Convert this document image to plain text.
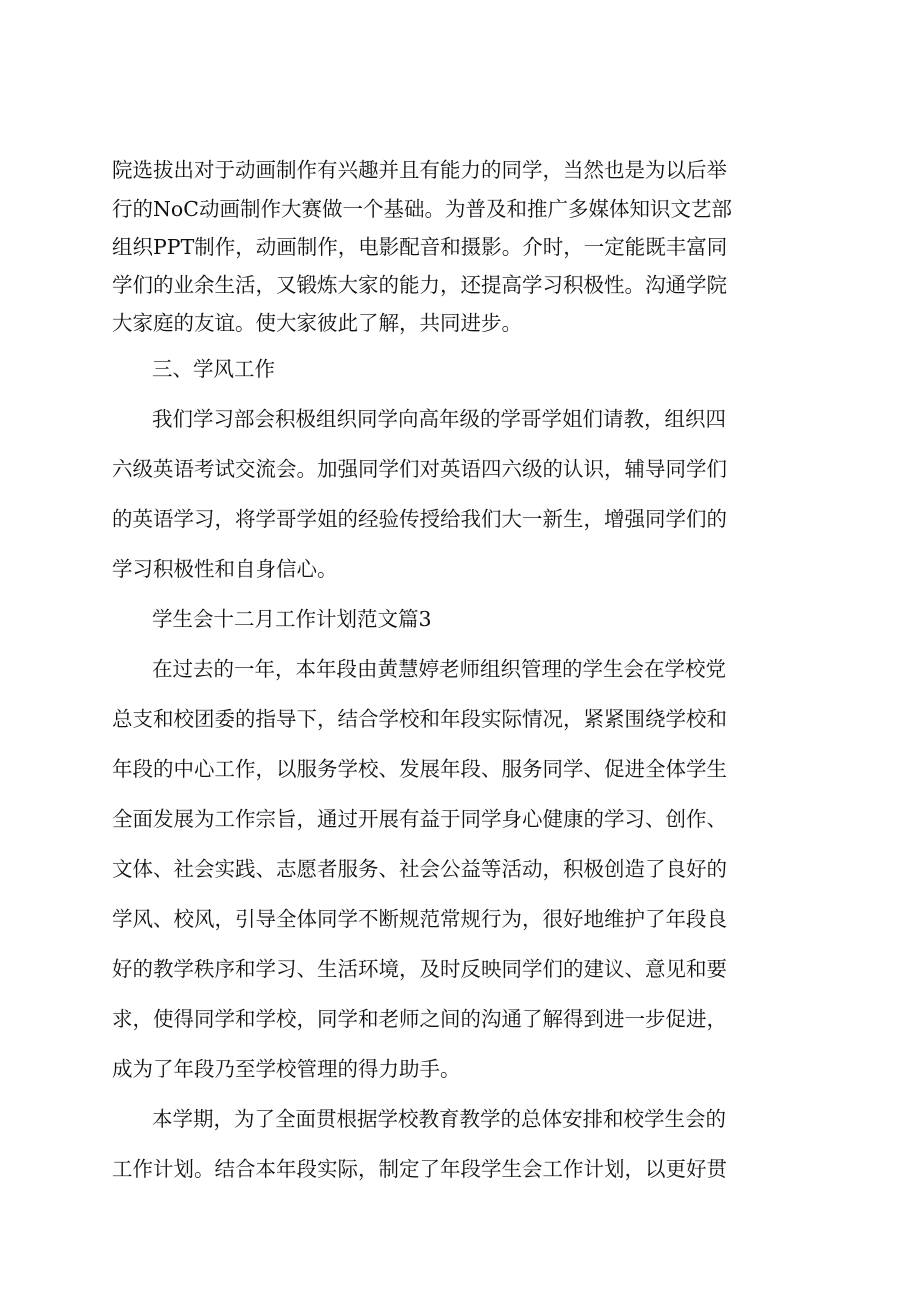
院选拔出对于动画制作有兴趣并且有能力的同学，当然也是为以后举
行的NoC动画制作大赛做一个基础。为普及和推广多媒体知识文艺部
组织PPT制作，动画制作，电影配音和摄影。介时，一定能既丰富同
学们的业余生活，又锻炼大家的能力，还提高学习积极性。沟通学院
大家庭的友谊。使大家彼此了解，共同进步。
三、学风工作
我们学习部会积极组织同学向高年级的学哥学姐们请教，组织四
六级英语考试交流会。加强同学们对英语四六级的认识，辅导同学们
的英语学习，将学哥学姐的经验传授给我们大一新生，增强同学们的
学习积极性和自身信心。
学生会十二月工作计划范文篇3
在过去的一年，本年段由黄慧婷老师组织管理的学生会在学校党
总支和校团委的指导下，结合学校和年段实际情况，紧紧围绕学校和
年段的中心工作，以服务学校、发展年段、服务同学、促进全体学生
全面发展为工作宗旨，通过开展有益于同学身心健康的学习、创作、
文体、社会实践、志愿者服务、社会公益等活动，积极创造了良好的
学风、校风，引导全体同学不断规范常规行为，很好地维护了年段良
好的教学秩序和学习、生活环境，及时反映同学们的建议、意见和要
求，使得同学和学校，同学和老师之间的沟通了解得到进一步促进，
成为了年段乃至学校管理的得力助手。
本学期，为了全面贯根据学校教育教学的总体安排和校学生会的
工作计划。结合本年段实际，制定了年段学生会工作计划，以更好贯
